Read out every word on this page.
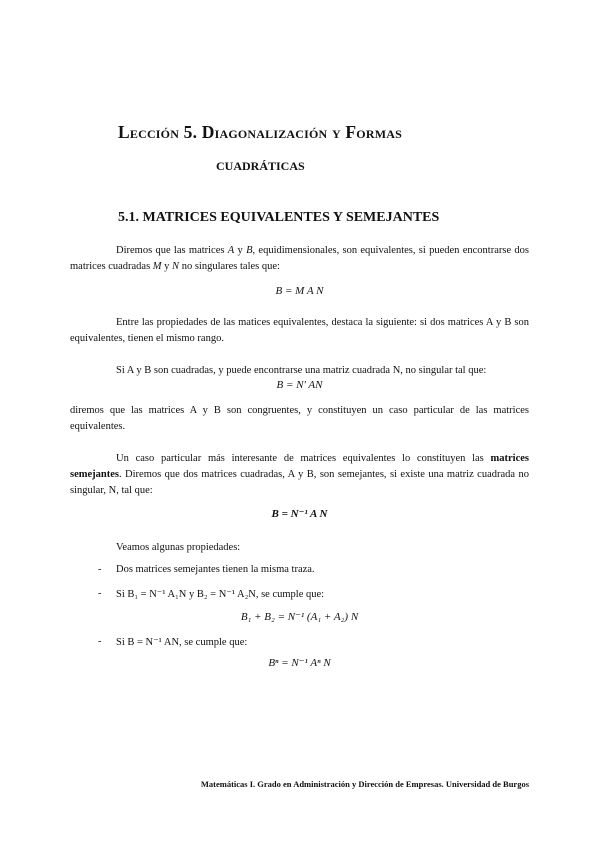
Lección 5. Diagonalización y Formas
cuadráticas
5.1. MATRICES EQUIVALENTES Y SEMEJANTES
Diremos que las matrices A y B, equidimensionales, son equivalentes, si pueden encontrarse dos matrices cuadradas M y N no singulares tales que:
B = M A N
Entre las propiedades de las matices equivalentes, destaca la siguiente: si dos matrices A y B son equivalentes, tienen el mismo rango.
Si A y B son cuadradas, y puede encontrarse una matriz cuadrada N, no singular tal que:
B = N' AN
diremos que las matrices A y B son congruentes, y constituyen un caso particular de las matrices equivalentes.
Un caso particular más interesante de matrices equivalentes lo constituyen las matrices semejantes. Diremos que dos matrices cuadradas, A y B, son semejantes, si existe una matriz cuadrada no singular, N, tal que:
B = N⁻¹ A N
Veamos algunas propiedades:
- Dos matrices semejantes tienen la misma traza.
- Si B₁ = N⁻¹ A₁N y B₂ = N⁻¹ A₂N, se cumple que:
B₁ + B₂ = N⁻¹ (A₁ + A₂) N
- Si B = N⁻¹ AN, se cumple que:
Bⁿ = N⁻¹ Aⁿ N
Matemáticas I. Grado en Administración y Dirección de Empresas. Universidad de Burgos
